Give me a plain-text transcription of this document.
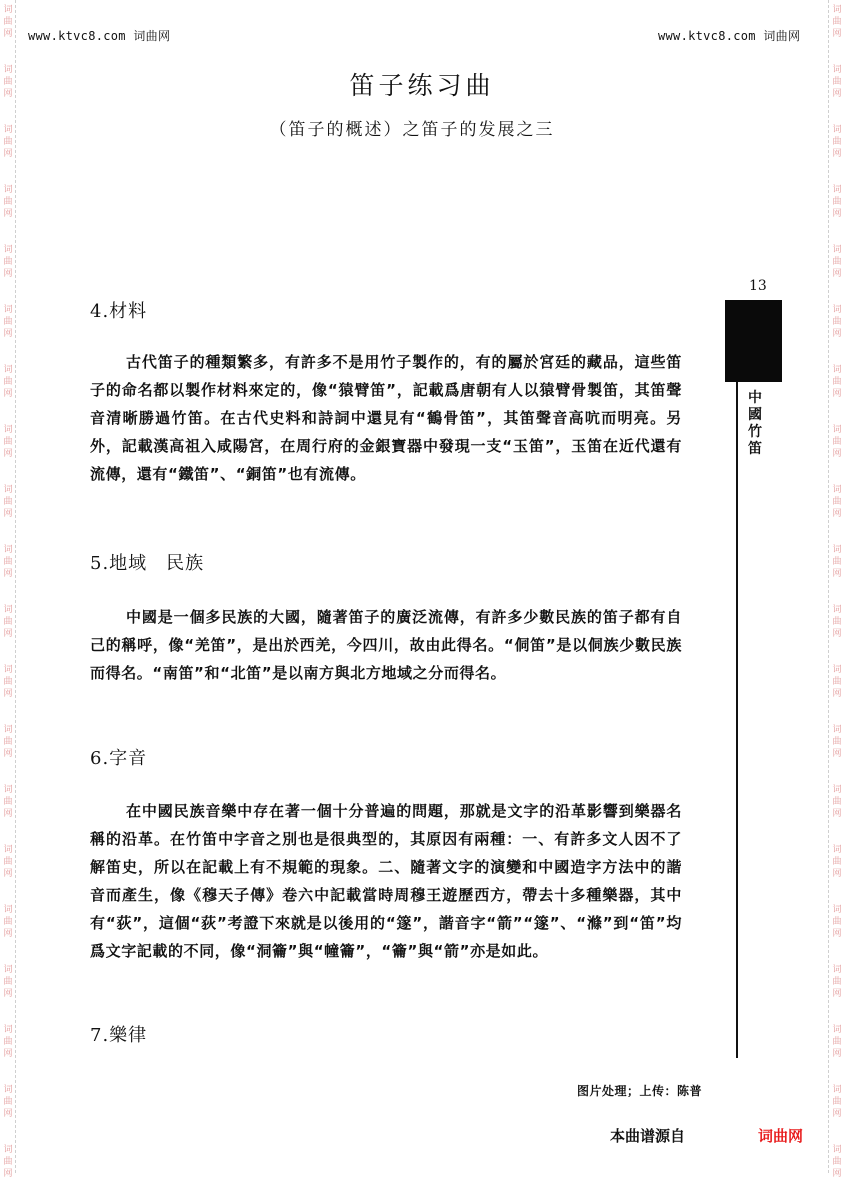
词
曲
网
词
曲
网
词
曲
网
词
曲
网
词
曲
网
词
曲
网
词
曲
网
词
曲
网
词
曲
网
词
曲
网
词
曲
网
词
曲
网
词
曲
网
词
曲
网
词
曲
网
词
曲
网
词
曲
网
词
曲
网
词
曲
网
词
曲
网
词
曲
网
词
曲
网
词
曲
网
词
曲
网
词
曲
网
词
曲
网
词
曲
网
词
曲
网
词
曲
网
词
曲
网
词
曲
网
词
曲
网
词
曲
网
词
曲
网
词
曲
网
词
曲
网
词
曲
网
词
曲
网
词
曲
网
词
曲
网
www.ktvc8.com 词曲网	www.ktvc8.com 词曲网
笛子练习曲
（笛子的概述）之笛子的发展之三
13
中
國
竹
笛
4.材料
古代笛子的種類繁多，有許多不是用竹子製作的，有的屬於宮廷的藏品，這些笛子的命名都以製作材料來定的，像“猿臂笛”，記載爲唐朝有人以猿臂骨製笛，其笛聲音清晰勝過竹笛。在古代史料和詩詞中還見有“鶴骨笛”，其笛聲音高吭而明亮。另外，記載漢高祖入咸陽宮，在周行府的金銀寶器中發現一支“玉笛”，玉笛在近代還有流傳，還有“鐵笛”、“銅笛”也有流傳。
5.地域　民族
中國是一個多民族的大國，隨著笛子的廣泛流傳，有許多少數民族的笛子都有自己的稱呼，像“羌笛”，是出於西羌，今四川，故由此得名。“侗笛”是以侗族少數民族而得名。“南笛”和“北笛”是以南方與北方地域之分而得名。
6.字音
在中國民族音樂中存在著一個十分普遍的問題，那就是文字的沿革影響到樂器名稱的沿革。在竹笛中字音之別也是很典型的，其原因有兩種：一、有許多文人因不了解笛史，所以在記載上有不規範的現象。二、隨著文字的演變和中國造字方法中的諧音而產生，像《穆天子傳》卷六中記載當時周穆王遊歷西方，帶去十多種樂器，其中有“荻”，這個“荻”考證下來就是以後用的“篴”，諧音字“箭”“篴”、“滌”到“笛”均爲文字記載的不同，像“洞籥”與“幢籥”，“籥”與“箭”亦是如此。
7.樂律
图片处理；上传：陈普
本曲谱源自	词曲网
